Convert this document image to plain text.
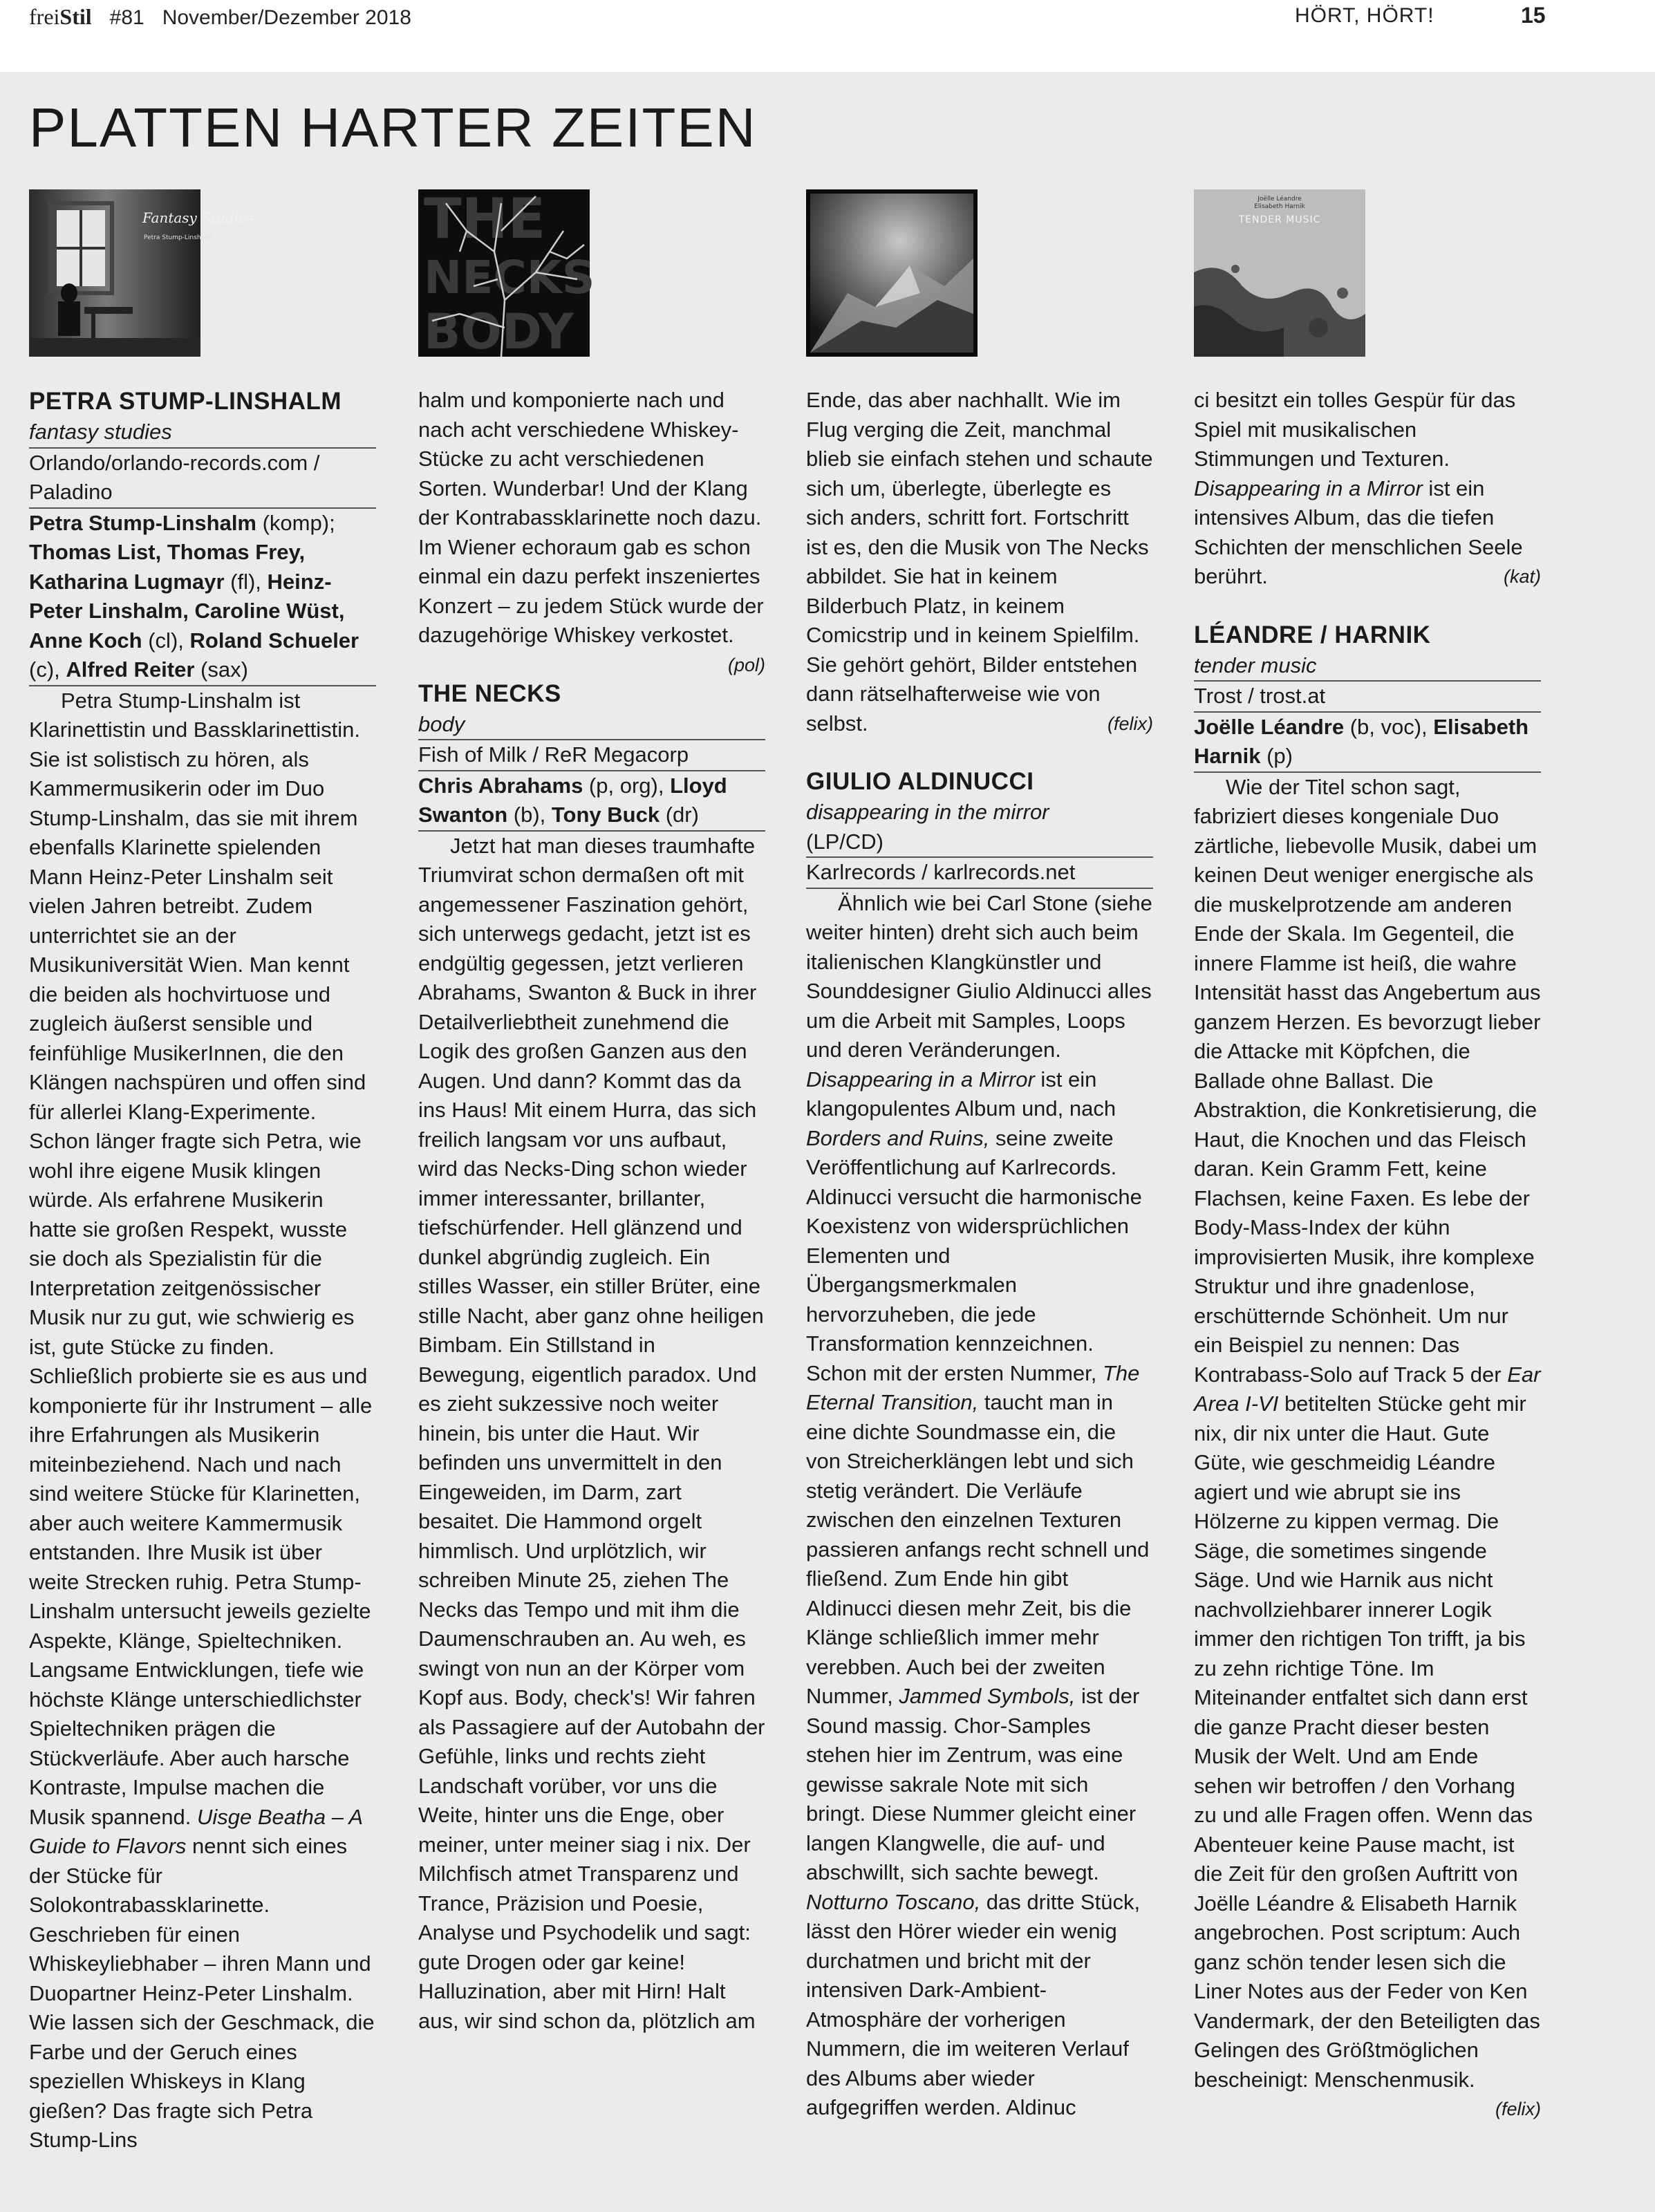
freiStil #81 November/Dezember 2018	HÖRT, HÖRT!	15
PLATTEN HARTER ZEITEN
Fantasy Studies
Petra Stump-Linshalm	THE
NECKS
BODY
Joëlle Léandre Elisabeth Harnik
TENDER MUSIC

PETRA STUMP-LINSHALM

fantasy studies

Orlando/orlando-records.com / Paladino

Petra Stump-Linshalm (komp); Thomas List, Thomas Frey, Katharina Lugmayr (fl), Heinz-Peter Linshalm, Caroline Wüst, Anne Koch (cl), Roland Schueler (c), Alfred Reiter (sax)

Petra Stump-Linshalm ist Klarinettistin und Bassklarinettistin. Sie ist solistisch zu hören, als Kammermusikerin oder im Duo Stump-Linshalm, das sie mit ihrem ebenfalls Klarinette spielenden Mann Heinz-Peter Linshalm seit vielen Jahren betreibt. Zudem unterrichtet sie an der Musikuniversität Wien. Man kennt die beiden als hochvirtuose und zugleich äußerst sensible und feinfühlige MusikerInnen, die den Klängen nachspüren und offen sind für allerlei Klang-Experimente. Schon länger fragte sich Petra, wie wohl ihre eigene Musik klingen würde. Als erfahrene Musikerin hatte sie großen Respekt, wusste sie doch als Spezialistin für die Interpretation zeitgenössischer Musik nur zu gut, wie schwierig es ist, gute Stücke zu finden. Schließlich probierte sie es aus und komponierte für ihr Instrument – alle ihre Erfahrungen als Musikerin miteinbeziehend. Nach und nach sind weitere Stücke für Klarinetten, aber auch weitere Kammermusik entstanden. Ihre Musik ist über weite Strecken ruhig. Petra Stump-Linshalm untersucht jeweils gezielte Aspekte, Klänge, Spieltechniken. Langsame Entwicklungen, tiefe wie höchste Klänge unterschiedlichster Spieltechniken prägen die Stückverläufe. Aber auch harsche Kontraste, Impulse machen die Musik spannend. Uisge Beatha – A Guide to Flavors nennt sich eines der Stücke für Solokontrabassklarinette. Geschrieben für einen Whiskeyliebhaber – ihren Mann und Duopartner Heinz-Peter Linshalm. Wie lassen sich der Geschmack, die Farbe und der Geruch eines speziellen Whiskeys in Klang gießen? Das fragte sich Petra Stump-Lins

halm und komponierte nach und nach acht verschiedene Whiskey-Stücke zu acht verschiedenen Sorten. Wunderbar! Und der Klang der Kontrabassklarinette noch dazu. Im Wiener echoraum gab es schon einmal ein dazu perfekt inszeniertes Konzert – zu jedem Stück wurde der dazugehörige Whiskey verkostet.
(pol)

THE NECKS

body

Fish of Milk / ReR Megacorp

Chris Abrahams (p, org), Lloyd Swanton (b), Tony Buck (dr)

Jetzt hat man dieses traumhafte Triumvirat schon dermaßen oft mit angemessener Faszination gehört, sich unterwegs gedacht, jetzt ist es endgültig gegessen, jetzt verlieren Abrahams, Swanton & Buck in ihrer Detailverliebtheit zunehmend die Logik des großen Ganzen aus den Augen. Und dann? Kommt das da ins Haus! Mit einem Hurra, das sich freilich langsam vor uns aufbaut, wird das Necks-Ding schon wieder immer interessanter, brillanter, tiefschürfender. Hell glänzend und dunkel abgründig zugleich. Ein stilles Wasser, ein stiller Brüter, eine stille Nacht, aber ganz ohne heiligen Bimbam. Ein Stillstand in Bewegung, eigentlich paradox. Und es zieht sukzessive noch weiter hinein, bis unter die Haut. Wir befinden uns unvermittelt in den Eingeweiden, im Darm, zart besaitet. Die Hammond orgelt himmlisch. Und urplötzlich, wir schreiben Minute 25, ziehen The Necks das Tempo und mit ihm die Daumenschrauben an. Au weh, es swingt von nun an der Körper vom Kopf aus. Body, check's! Wir fahren als Passagiere auf der Autobahn der Gefühle, links und rechts zieht Landschaft vorüber, vor uns die Weite, hinter uns die Enge, ober meiner, unter meiner siag i nix. Der Milchfisch atmet Transparenz und Trance, Präzision und Poesie, Analyse und Psychodelik und sagt: gute Drogen oder gar keine! Halluzination, aber mit Hirn! Halt aus, wir sind schon da, plötzlich am

Ende, das aber nachhallt. Wie im Flug verging die Zeit, manchmal blieb sie einfach stehen und schaute sich um, überlegte, überlegte es sich anders, schritt fort. Fortschritt ist es, den die Musik von The Necks abbildet. Sie hat in keinem Bilderbuch Platz, in keinem Comicstrip und in keinem Spielfilm. Sie gehört gehört, Bilder entstehen dann rätselhafterweise wie von selbst.	(felix)

GIULIO ALDINUCCI

disappearing in the mirror

(LP/CD)

Karlrecords / karlrecords.net

Ähnlich wie bei Carl Stone (siehe weiter hinten) dreht sich auch beim italienischen Klangkünstler und Sounddesigner Giulio Aldinucci alles um die Arbeit mit Samples, Loops und deren Veränderungen. Disappearing in a Mirror ist ein klangopulentes Album und, nach Borders and Ruins, seine zweite Veröffentlichung auf Karlrecords. Aldinucci versucht die harmonische Koexistenz von widersprüchlichen Elementen und Übergangsmerkmalen hervorzuheben, die jede Transformation kennzeichnen. Schon mit der ersten Nummer, The Eternal Transition, taucht man in eine dichte Soundmasse ein, die von Streicherklängen lebt und sich stetig verändert. Die Verläufe zwischen den einzelnen Texturen passieren anfangs recht schnell und fließend. Zum Ende hin gibt Aldinucci diesen mehr Zeit, bis die Klänge schließlich immer mehr verebben. Auch bei der zweiten Nummer, Jammed Symbols, ist der Sound massig. Chor-Samples stehen hier im Zentrum, was eine gewisse sakrale Note mit sich bringt. Diese Nummer gleicht einer langen Klangwelle, die auf- und abschwillt, sich sachte bewegt. Notturno Toscano, das dritte Stück, lässt den Hörer wieder ein wenig durchatmen und bricht mit der intensiven Dark-Ambient-Atmosphäre der vorherigen Nummern, die im weiteren Verlauf des Albums aber wieder aufgegriffen werden. Aldinuc

ci besitzt ein tolles Gespür für das Spiel mit musikalischen Stimmungen und Texturen. Disappearing in a Mirror ist ein intensives Album, das die tiefen Schichten der menschlichen Seele berührt.	(kat)

LÉANDRE / HARNIK

tender music

Trost / trost.at

Joëlle Léandre (b, voc), Elisabeth Harnik (p)

Wie der Titel schon sagt, fabriziert dieses kongeniale Duo zärtliche, liebevolle Musik, dabei um keinen Deut weniger energische als die muskelprotzende am anderen Ende der Skala. Im Gegenteil, die innere Flamme ist heiß, die wahre Intensität hasst das Angebertum aus ganzem Herzen. Es bevorzugt lieber die Attacke mit Köpfchen, die Ballade ohne Ballast. Die Abstraktion, die Konkretisierung, die Haut, die Knochen und das Fleisch daran. Kein Gramm Fett, keine Flachsen, keine Faxen. Es lebe der Body-Mass-Index der kühn improvisierten Musik, ihre komplexe Struktur und ihre gnadenlose, erschütternde Schönheit. Um nur ein Beispiel zu nennen: Das Kontrabass-Solo auf Track 5 der Ear Area I-VI betitelten Stücke geht mir nix, dir nix unter die Haut. Gute Güte, wie geschmeidig Léandre agiert und wie abrupt sie ins Hölzerne zu kippen vermag. Die Säge, die sometimes singende Säge. Und wie Harnik aus nicht nachvollziehbarer innerer Logik immer den richtigen Ton trifft, ja bis zu zehn richtige Töne. Im Miteinander entfaltet sich dann erst die ganze Pracht dieser besten Musik der Welt. Und am Ende sehen wir betroffen / den Vorhang zu und alle Fragen offen. Wenn das Abenteuer keine Pause macht, ist die Zeit für den großen Auftritt von Joëlle Léandre & Elisabeth Harnik angebrochen. Post scriptum: Auch ganz schön tender lesen sich die Liner Notes aus der Feder von Ken Vandermark, der den Beteiligten das Gelingen des Größtmöglichen bescheinigt: Menschenmusik.
(felix)
